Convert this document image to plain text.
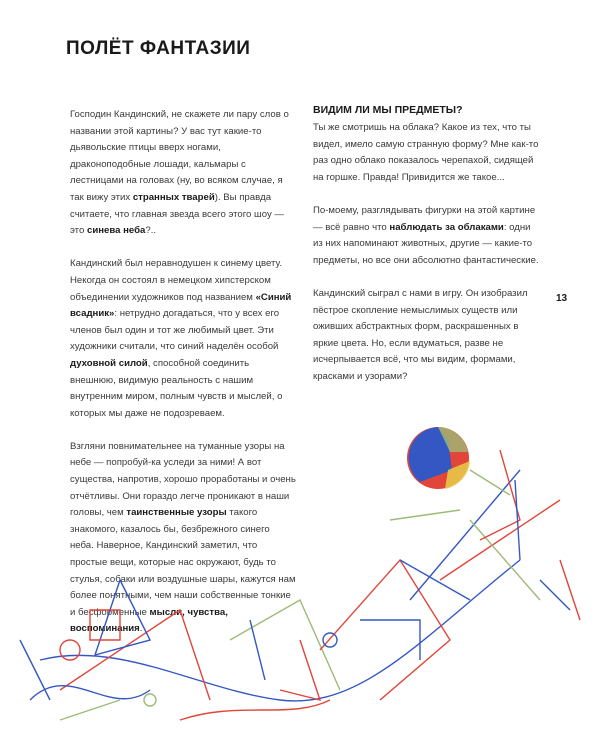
ПОЛЁТ ФАНТАЗИИ

Господин Кандинский, не скажете ли пару слов о названии этой картины? У вас тут какие-то дьявольские птицы вверх ногами, драконоподобные лошади, кальмары с лестницами на головах (ну, во всяком случае, я так вижу этих странных тварей). Вы правда считаете, что главная звезда всего этого шоу — это синева неба?..

Кандинский был неравнодушен к синему цвету. Некогда он состоял в немецком хипстерском объединении художников под названием «Синий всадник»: нетрудно догадаться, что у всех его членов был один и тот же любимый цвет. Эти художники считали, что синий наделён особой духовной силой, способной соединить внешнюю, видимую реальность с нашим внутренним миром, полным чувств и мыслей, о которых мы даже не подозреваем.

Взгляни повнимательнее на туманные узоры на небе — попробуй-ка уследи за ними! А вот существа, напротив, хорошо проработаны и очень отчётливы. Они гораздо легче проникают в наши головы, чем таинственные узоры такого знакомого, казалось бы, безбрежного синего неба. Наверное, Кандинский заметил, что простые вещи, которые нас окружают, будь то стулья, собаки или воздушные шары, кажутся нам более понятными, чем наши собственные тонкие и бесформенные мысли, чувства, воспоминания.

ВИДИМ ЛИ МЫ ПРЕДМЕТЫ?

Ты же смотришь на облака? Какое из тех, что ты видел, имело самую странную форму? Мне как-то раз одно облако показалось черепахой, сидящей на горшке. Правда! Привидится же такое...

По-моему, разглядывать фигурки на этой картине — всё равно что наблюдать за облаками: одни из них напоминают животных, другие — какие-то предметы, но все они абсолютно фантастические.

Кандинский сыграл с нами в игру. Он изобразил пёстрое скопление немыслимых существ или оживших абстрактных форм, раскрашенных в яркие цвета. Но, если вдуматься, разве не исчерпывается всё, что мы видим, формами, красками и узорами?

13
